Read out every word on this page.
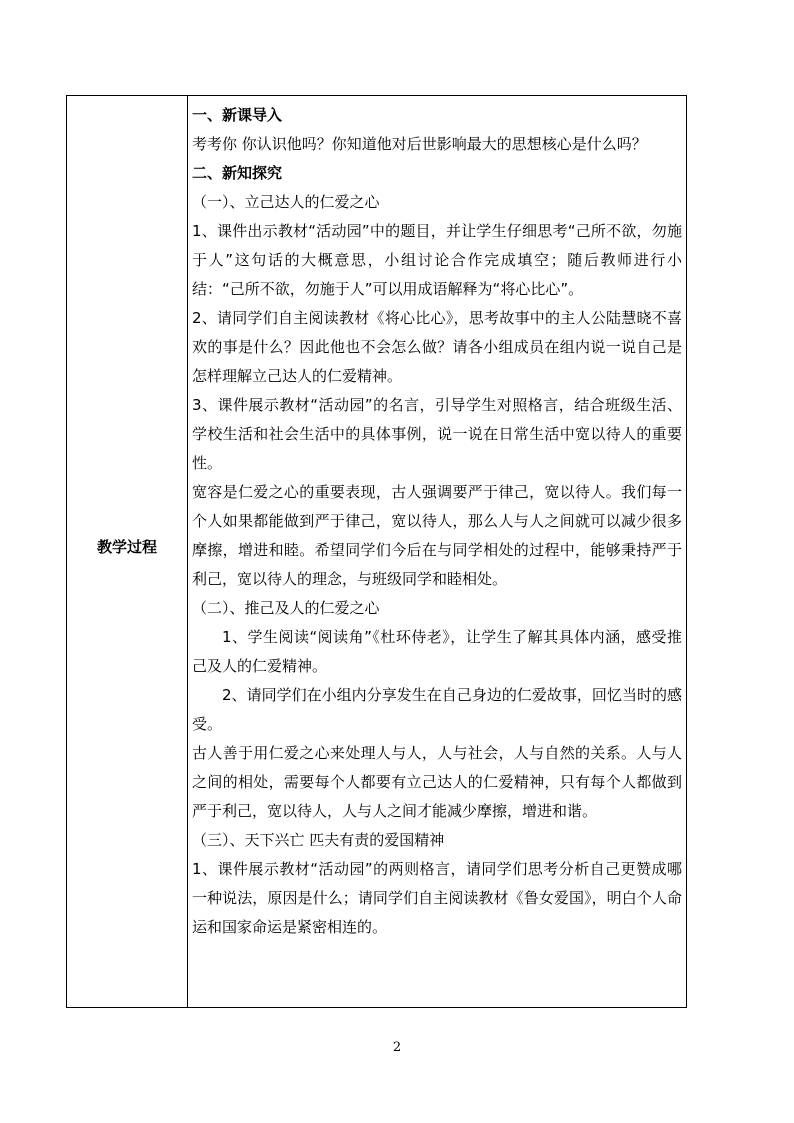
教学过程

一、新课导入

考考你 你认识他吗？你知道他对后世影响最大的思想核心是什么吗？

二、新知探究

（一）、立己达人的仁爱之心

1、课件出示教材“活动园”中的题目，并让学生仔细思考“己所不欲，勿施于人”这句话的大概意思，小组讨论合作完成填空；随后教师进行小结：“己所不欲，勿施于人”可以用成语解释为“将心比心”。

2、请同学们自主阅读教材《将心比心》，思考故事中的主人公陆慧晓不喜欢的事是什么？因此他也不会怎么做？请各小组成员在组内说一说自己是怎样理解立己达人的仁爱精神。

3、课件展示教材“活动园”的名言，引导学生对照格言，结合班级生活、学校生活和社会生活中的具体事例，说一说在日常生活中宽以待人的重要性。

宽容是仁爱之心的重要表现，古人强调要严于律己，宽以待人。我们每一个人如果都能做到严于律己，宽以待人，那么人与人之间就可以减少很多摩擦，增进和睦。希望同学们今后在与同学相处的过程中，能够秉持严于利己，宽以待人的理念，与班级同学和睦相处。

（二）、推己及人的仁爱之心

1、学生阅读“阅读角”《杜环侍老》，让学生了解其具体内涵，感受推己及人的仁爱精神。

2、请同学们在小组内分享发生在自己身边的仁爱故事，回忆当时的感受。

古人善于用仁爱之心来处理人与人，人与社会，人与自然的关系。人与人之间的相处，需要每个人都要有立己达人的仁爱精神，只有每个人都做到严于利己，宽以待人，人与人之间才能减少摩擦，增进和谐。

（三）、天下兴亡 匹夫有责的爱国精神

1、课件展示教材“活动园”的两则格言，请同学们思考分析自己更赞成哪一种说法，原因是什么；请同学们自主阅读教材《鲁女爱国》，明白个人命运和国家命运是紧密相连的。

2
